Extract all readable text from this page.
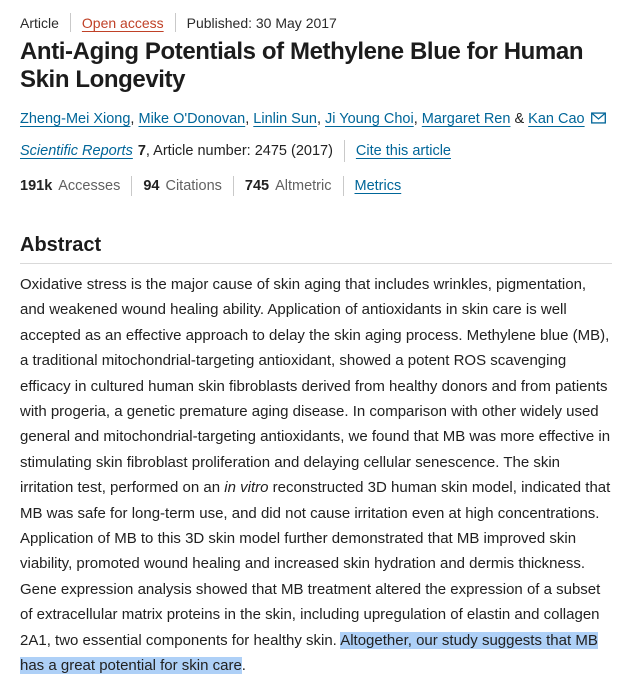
Article Open access Published: 30 May 2017
Anti-Aging Potentials of Methylene Blue for Human Skin Longevity

Zheng-Mei Xiong, Mike O'Donovan, Linlin Sun, Ji Young Choi, Margaret Ren & Kan Cao

Scientific Reports 7 , Article number: 2475 (2017) Cite this article
191k Accesses 94 Citations 745 Altmetric Metrics
Abstract

Oxidative stress is the major cause of skin aging that includes wrinkles, pigmentation, and weakened wound healing ability. Application of antioxidants in skin care is well accepted as an effective approach to delay the skin aging process. Methylene blue (MB), a traditional mitochondrial-targeting antioxidant, showed a potent ROS scavenging efficacy in cultured human skin fibroblasts derived from healthy donors and from patients with progeria, a genetic premature aging disease. In comparison with other widely used general and mitochondrial-targeting antioxidants, we found that MB was more effective in stimulating skin fibroblast proliferation and delaying cellular senescence. The skin irritation test, performed on an in vitro reconstructed 3D human skin model, indicated that MB was safe for long-term use, and did not cause irritation even at high concentrations. Application of MB to this 3D skin model further demonstrated that MB improved skin viability, promoted wound healing and increased skin hydration and dermis thickness. Gene expression analysis showed that MB treatment altered the expression of a subset of extracellular matrix proteins in the skin, including upregulation of elastin and collagen 2A1, two essential components for healthy skin. Altogether, our study suggests that MB has a great potential for skin care.
